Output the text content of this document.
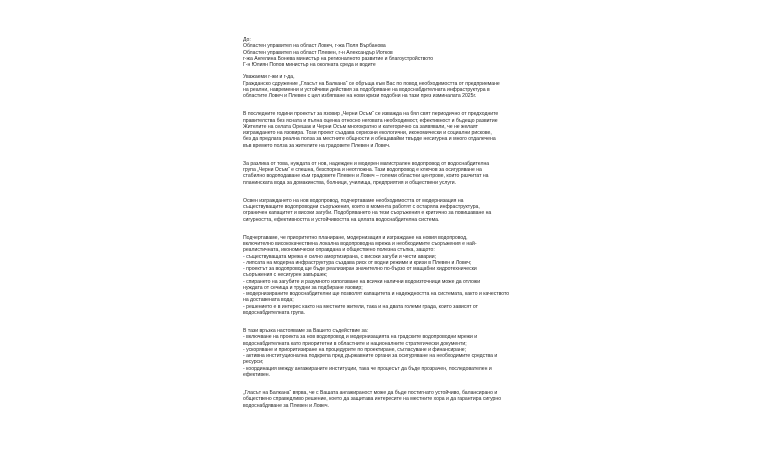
До:

Областен управител на област Ловеч, г-жа Поля Върбанова
Областен управител на област Плевен, г-н Александър Иотков
г-жа Ангелина Бонева министър на регионалното развитие и благоустройството
Г-н Юлиян Попов министър на околната среда и водите

Уважаеми г-жи и г-да,

Гражданско сдружение „Гласът на Балкана“ се обръща към Вас по повод необходимостта от предприемане
на реални, навременни и устойчиви действия за подобряване на водоснабдителната инфраструктура в
областите Ловеч и Плевен с цел избягване на нови кризи подобни на тази през изминалата 2025г.
В последните години проектът за язовир „Черни Осъм“ се изважда на бял свят периодично от предходните
правителства без ясната и пълна оценка относно неговата необходимост, ефективност и бъдещо развитие
Жителите на селата Орешак и Черни Осъм многократно и категорично са заявявали, че не желаят
изграждането на язовира. Този проект създава сериозни екологични, икономически и социални рискове,
без да предлага реална полза за местните общности и обещавайки твърде несигурна и много отдалечена
във времето полза за жителите на градовете Плевен и Ловеч.
За разлика от това, нуждата от нов, надежден и модерен магистрален водопровод от водоснабдителна
група „Черни Осъм“ е спешна, безспорна и неотложна. Тази водопровод е ключов за осигуряване на
стабилно водоподаване към градовете Плевен и Ловеч – големи областни центрове, които разчитат на
планинската вода за домакинства, болници, училища, предприятия и обществени услуги.
Освен изграждането на нов водопровод, подчертаваме необходимостта от модернизация на
съществуващите водопроводни съоръжения, които в момента работят с остаряла инфраструктура,
ограничен капацитет и високи загуби. Подобряването на тези съоръжения е критично за повишаване на
сигурността, ефективността и устойчивостта на цялата водоснабдителна система.
Подчертаваме, че приоритетно планиране, модернизация и изграждане на новия водопровод,
включително висококачествена локална водопроводна мрежа и необходимите съоръжения е най-
реалистичната, икономически оправдана и обществено полезна стъпка, защото:
- съществуващата мрежа е силно амортизирана, с високи загуби и чести аварии;
- липсата на модерна инфраструктура създава риск от водни режими и кризи в Плевен и Ловеч;
- проектът за водопровод ще бъде реализиран значително по-бързо от мащабни хидротехнически
съоръжения с несигурен завършек;
- спирането на загубите и разумното използване на всички налични водоизточници може да отложи
нуждата от сечища и трудни за подбиране язовир;
- модернизираните водоснабдителни ще позволят капацитета и надеждността на системата, както и качеството
на доставената вода;
- решението е в интерес както на местните жители, така и на двата големи града, които зависят от
водоснабдителната група.
В тази връзка настояваме за Вашето съдействие за:
- включване на проекта за нов водопровод и модернизацията на градските водопроводни мрежи и
водоснабдителната като приоритетни в областните и националните стратегически документи;
- ускоряване и приоритизиране на процедурите по проектиране, съгласуване и финансиране;
- активна институционална подкрепа пред държавните органи за осигуряване на необходимите средства и
ресурси;
- координация между ангажираните институции, така че процесът да бъде прозрачен, последователен и
ефективен.
„Гласът на Балкана“ вярва, че с Вашата ангажираност може да бъде постигнато устойчиво, балансирано и
обществено справедливо решение, което да защитава интересите на местните хора и да гарантира сигурно
водоснабдяване за Плевен и Ловеч.
